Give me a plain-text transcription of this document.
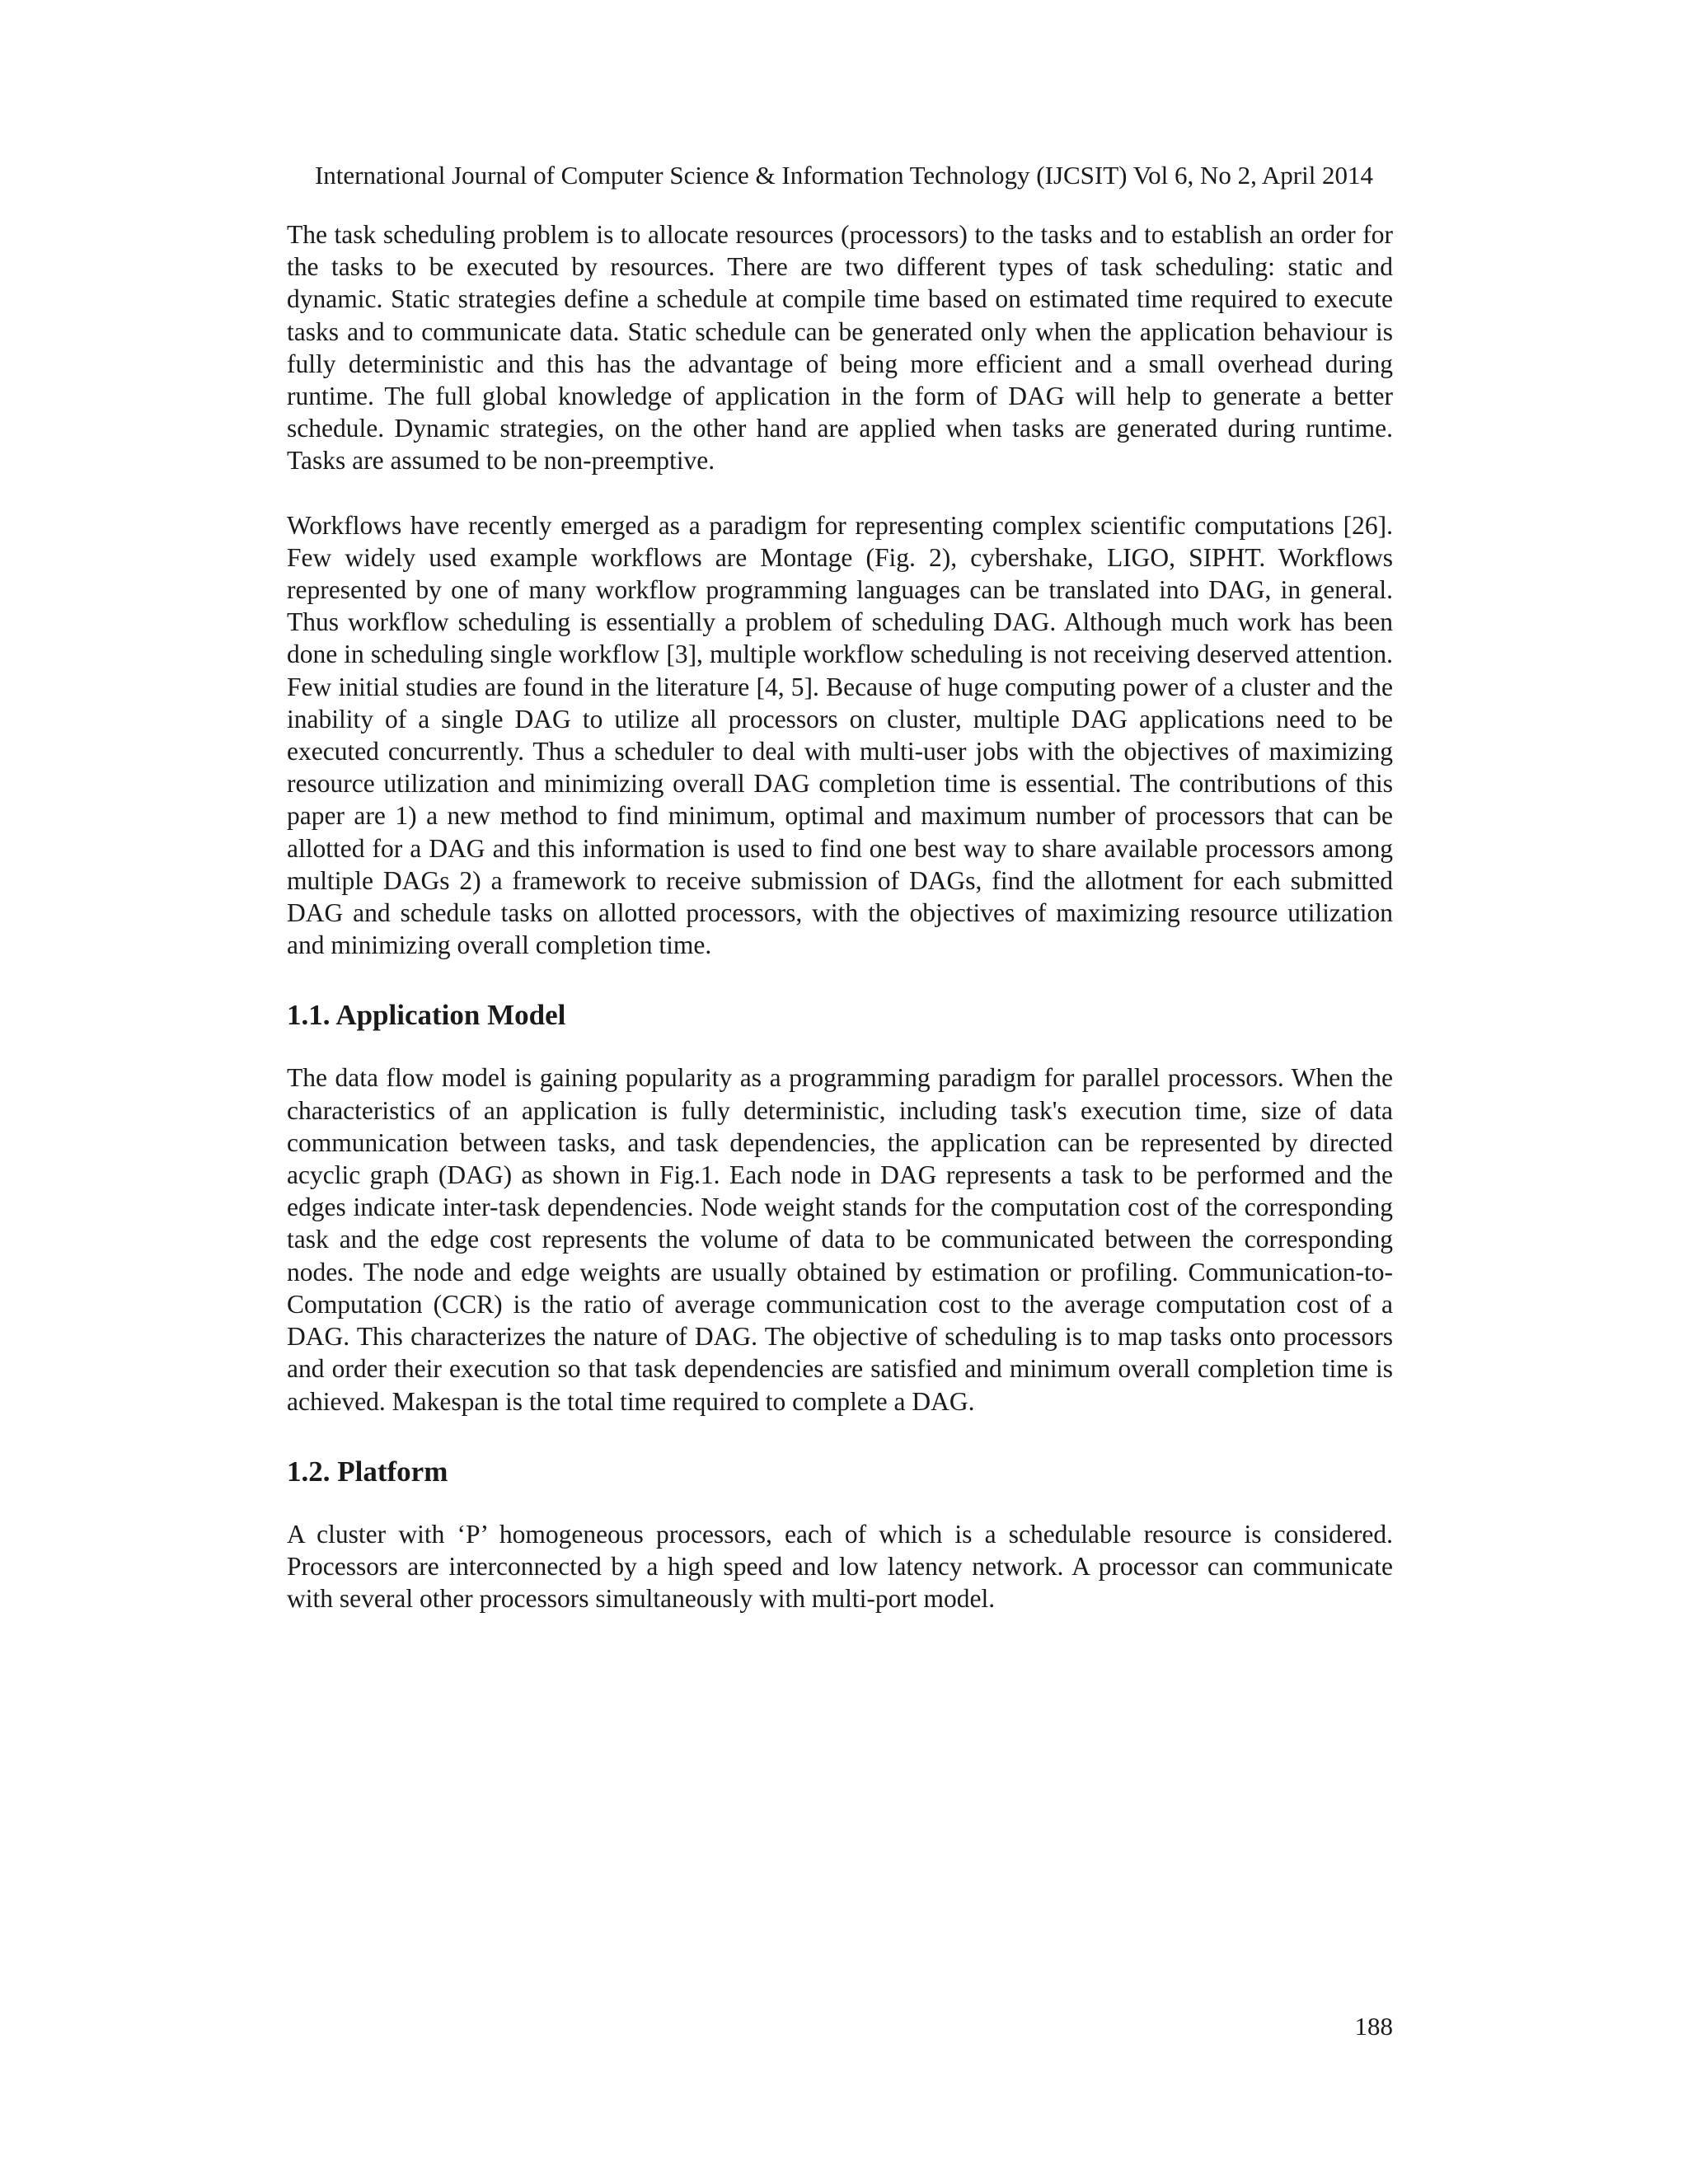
International Journal of Computer Science & Information Technology (IJCSIT) Vol 6, No 2, April 2014

The task scheduling problem is to allocate resources (processors) to the tasks and to establish an order for the tasks to be executed by resources. There are two different types of task scheduling: static and dynamic. Static strategies define a schedule at compile time based on estimated time required to execute tasks and to communicate data. Static schedule can be generated only when the application behaviour is fully deterministic and this has the advantage of being more efficient and a small overhead during runtime. The full global knowledge of application in the form of DAG will help to generate a better schedule. Dynamic strategies, on the other hand are applied when tasks are generated during runtime. Tasks are assumed to be non-preemptive.

Workflows have recently emerged as a paradigm for representing complex scientific computations [26]. Few widely used example workflows are Montage (Fig. 2), cybershake, LIGO, SIPHT. Workflows represented by one of many workflow programming languages can be translated into DAG, in general. Thus workflow scheduling is essentially a problem of scheduling DAG. Although much work has been done in scheduling single workflow [3], multiple workflow scheduling is not receiving deserved attention. Few initial studies are found in the literature [4, 5]. Because of huge computing power of a cluster and the inability of a single DAG to utilize all processors on cluster, multiple DAG applications need to be executed concurrently. Thus a scheduler to deal with multi-user jobs with the objectives of maximizing resource utilization and minimizing overall DAG completion time is essential. The contributions of this paper are 1) a new method to find minimum, optimal and maximum number of processors that can be allotted for a DAG and this information is used to find one best way to share available processors among multiple DAGs 2) a framework to receive submission of DAGs, find the allotment for each submitted DAG and schedule tasks on allotted processors, with the objectives of maximizing resource utilization and minimizing overall completion time.

1.1. Application Model

The data flow model is gaining popularity as a programming paradigm for parallel processors. When the characteristics of an application is fully deterministic, including task's execution time, size of data communication between tasks, and task dependencies, the application can be represented by directed acyclic graph (DAG) as shown in Fig.1. Each node in DAG represents a task to be performed and the edges indicate inter-task dependencies. Node weight stands for the computation cost of the corresponding task and the edge cost represents the volume of data to be communicated between the corresponding nodes. The node and edge weights are usually obtained by estimation or profiling. Communication-to-Computation (CCR) is the ratio of average communication cost to the average computation cost of a DAG. This characterizes the nature of DAG. The objective of scheduling is to map tasks onto processors and order their execution so that task dependencies are satisfied and minimum overall completion time is achieved. Makespan is the total time required to complete a DAG.

1.2. Platform

A cluster with ‘P’ homogeneous processors, each of which is a schedulable resource is considered. Processors are interconnected by a high speed and low latency network. A processor can communicate with several other processors simultaneously with multi-port model.

188
